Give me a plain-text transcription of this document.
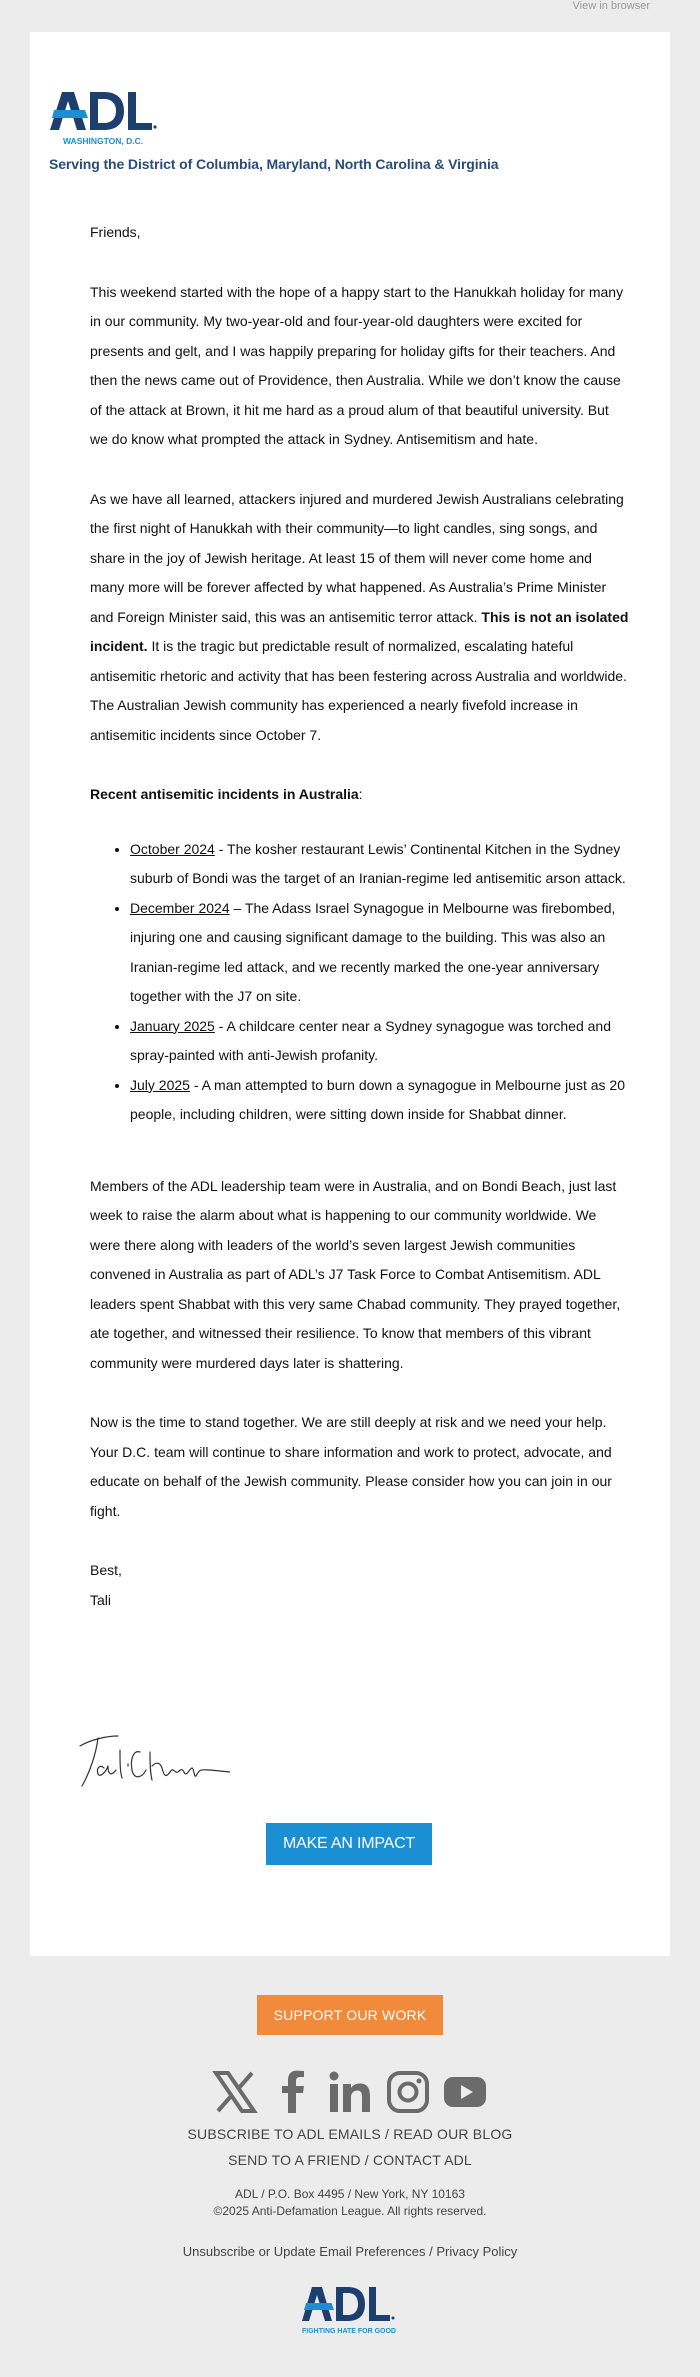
View in browser
WASHINGTON, D.C.
Serving the District of Columbia, Maryland, North Carolina & Virginia

Friends,

This weekend started with the hope of a happy start to the Hanukkah holiday for many in our community. My two-year-old and four-year-old daughters were excited for presents and gelt, and I was happily preparing for holiday gifts for their teachers. And then the news came out of Providence, then Australia. While we don’t know the cause of the attack at Brown, it hit me hard as a proud alum of that beautiful university. But we do know what prompted the attack in Sydney. Antisemitism and hate.

As we have all learned, attackers injured and murdered Jewish Australians celebrating the first night of Hanukkah with their community—to light candles, sing songs, and share in the joy of Jewish heritage. At least 15 of them will never come home and many more will be forever affected by what happened. As Australia’s Prime Minister and Foreign Minister said, this was an antisemitic terror attack. This is not an isolated incident. It is the tragic but predictable result of normalized, escalating hateful antisemitic rhetoric and activity that has been festering across Australia and worldwide. The Australian Jewish community has experienced a nearly fivefold increase in antisemitic incidents since October 7.

Recent antisemitic incidents in Australia:

• October 2024 - The kosher restaurant Lewis’ Continental Kitchen in the Sydney suburb of Bondi was the target of an Iranian-regime led antisemitic arson attack.
• December 2024 – The Adass Israel Synagogue in Melbourne was firebombed, injuring one and causing significant damage to the building. This was also an Iranian-regime led attack, and we recently marked the one-year anniversary together with the J7 on site.
• January 2025 - A childcare center near a Sydney synagogue was torched and spray-painted with anti-Jewish profanity.
• July 2025 - A man attempted to burn down a synagogue in Melbourne just as 20 people, including children, were sitting down inside for Shabbat dinner.

Members of the ADL leadership team were in Australia, and on Bondi Beach, just last week to raise the alarm about what is happening to our community worldwide. We were there along with leaders of the world’s seven largest Jewish communities convened in Australia as part of ADL’s J7 Task Force to Combat Antisemitism. ADL leaders spent Shabbat with this very same Chabad community. They prayed together, ate together, and witnessed their resilience. To know that members of this vibrant community were murdered days later is shattering.

Now is the time to stand together. We are still deeply at risk and we need your help. Your D.C. team will continue to share information and work to protect, advocate, and educate on behalf of the Jewish community. Please consider how you can join in our fight.

Best,
Tali
MAKE AN IMPACT
SUPPORT OUR WORK
SUBSCRIBE TO ADL EMAILS / READ OUR BLOG
SEND TO A FRIEND / CONTACT ADL
ADL / P.O. Box 4495 / New York, NY 10163
©2025 Anti-Defamation League. All rights reserved.
Unsubscribe or Update Email Preferences / Privacy Policy
FIGHTING HATE FOR GOOD
